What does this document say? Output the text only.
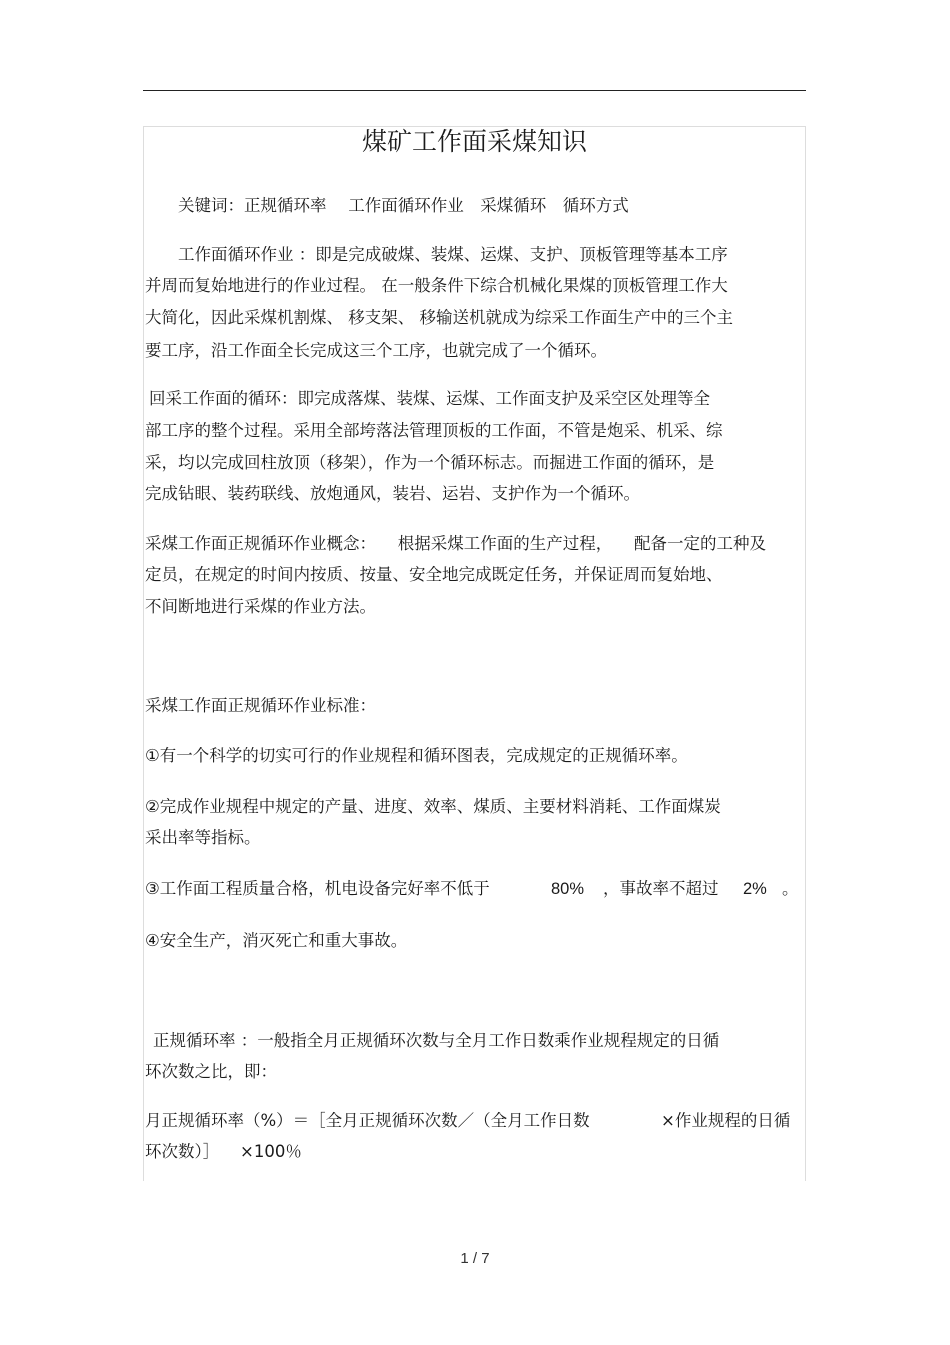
煤矿工作面采煤知识
关键词：正规循环率　 工作面循环作业　采煤循环　循环方式
工作面循环作业 ：即是完成破煤、装煤、运煤、支护、顶板管理等基本工序
并周而复始地进行的作业过程。 在一般条件下综合机械化果煤的顶板管理工作大
大简化，因此采煤机割煤、 移支架、 移输送机就成为综采工作面生产中的三个主
要工序，沿工作面全长完成这三个工序，也就完成了一个循环。
回采工作面的循环：即完成落煤、装煤、运煤、工作面支护及采空区处理等全
部工序的整个过程。采用全部垮落法管理顶板的工作面，不管是炮采、机采、综
采，均以完成回柱放顶（移架），作为一个循环标志。而掘进工作面的循环，是
完成钻眼、装药联线、放炮通风，装岩、运岩、支护作为一个循环。
采煤工作面正规循环作业概念： 　根据采煤工作面的生产过程， 　配备一定的工种及
定员，在规定的时间内按质、按量、安全地完成既定任务，并保证周而复始地、
不间断地进行采煤的作业方法。
采煤工作面正规循环作业标准：
①有一个科学的切实可行的作业规程和循环图表，完成规定的正规循环率。
②完成作业规程中规定的产量、进度、效率、煤质、主要材料消耗、工作面煤炭
采出率等指标。
③工作面工程质量合格，机电设备完好率不低于	80% ，事故率不超过 2% 。
④安全生产，消灭死亡和重大事故。
正规循环率 ：一般指全月正规循环次数与全月工作日数乘作业规程规定的日循
环次数之比，即：
月正规循环率（%）＝［全月正规循环次数／（全月工作日数	×作业规程的日循
环次数）］ ×100％
1 / 7
